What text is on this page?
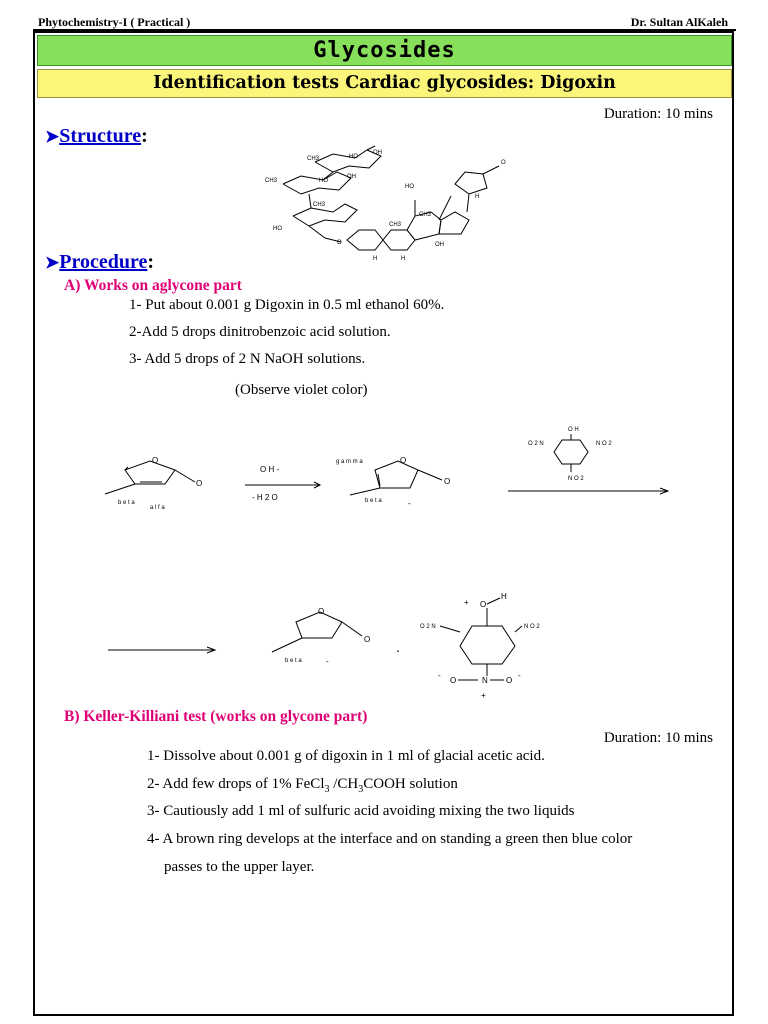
Phytochemistry-I ( Practical )	Dr. Sultan AlKaleh
Glycosides
Identification tests Cardiac glycosides: Digoxin
Duration: 10 mins
➤Structure:
CH3	HO
OH
CH3	HO
OH
CH3
HO
O
CH3
CH3
HO
OH
H	H
H
O
➤Procedure:
A) Works on aglycone part
1- Put about 0.001 g Digoxin in 0.5 ml ethanol 60%.
2-Add 5 drops dinitrobenzoic acid solution.
3- Add 5 drops of 2 N NaOH solutions.
(Observe violet color)
O
O
b e t a
a l f a
O H -
- H 2 O
g a m m a	O
O
b e t a	-
O H
O 2 N	N O 2
N O 2
O
O
b e t a	-
.
+ O
H
O 2 N	N O 2
-
O	N O
-
+
B) Keller-Killiani test (works on glycone part)
Duration: 10 mins
1- Dissolve about 0.001 g of digoxin in 1 ml of glacial acetic acid.
2- Add few drops of 1% FeCl$_3$ $/CH_3COOH$ solution
3- Cautiously add 1 ml of sulfuric acid avoiding mixing the two liquids
4- A brown ring develops at the interface and on standing a green then blue color
passes to the upper layer.
